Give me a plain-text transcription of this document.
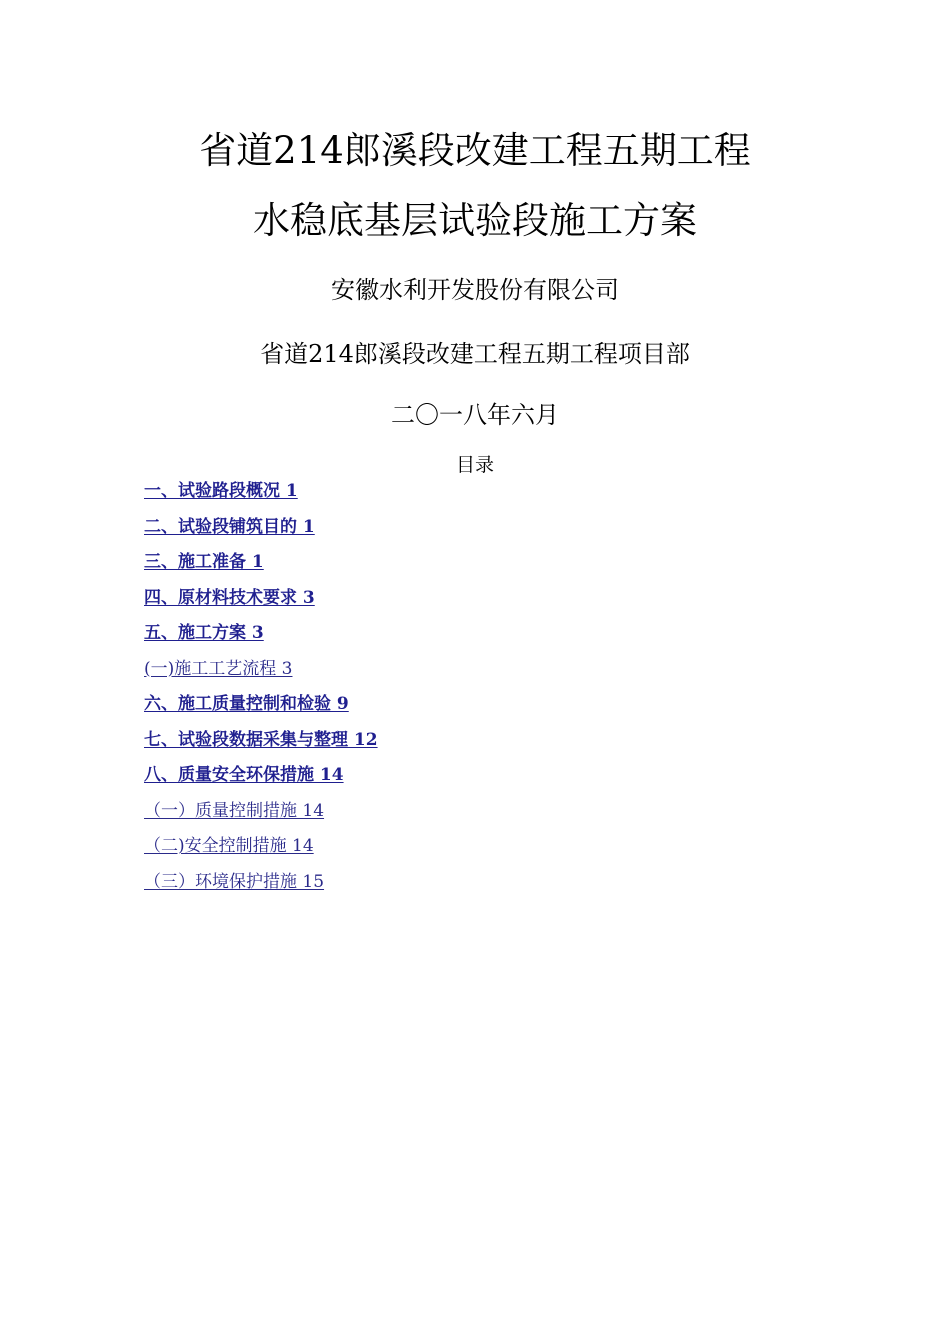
省道214郎溪段改建工程五期工程
水稳底基层试验段施工方案
安徽水利开发股份有限公司
省道214郎溪段改建工程五期工程项目部
二〇一八年六月
目录
一、试验路段概况 1
二、试验段铺筑目的 1
三、施工准备 1
四、原材料技术要求 3
五、施工方案 3
(一)施工工艺流程 3
六、施工质量控制和检验 9
七、试验段数据采集与整理 12
八、质量安全环保措施 14
（一）质量控制措施 14
（二)安全控制措施 14
（三）环境保护措施 15
